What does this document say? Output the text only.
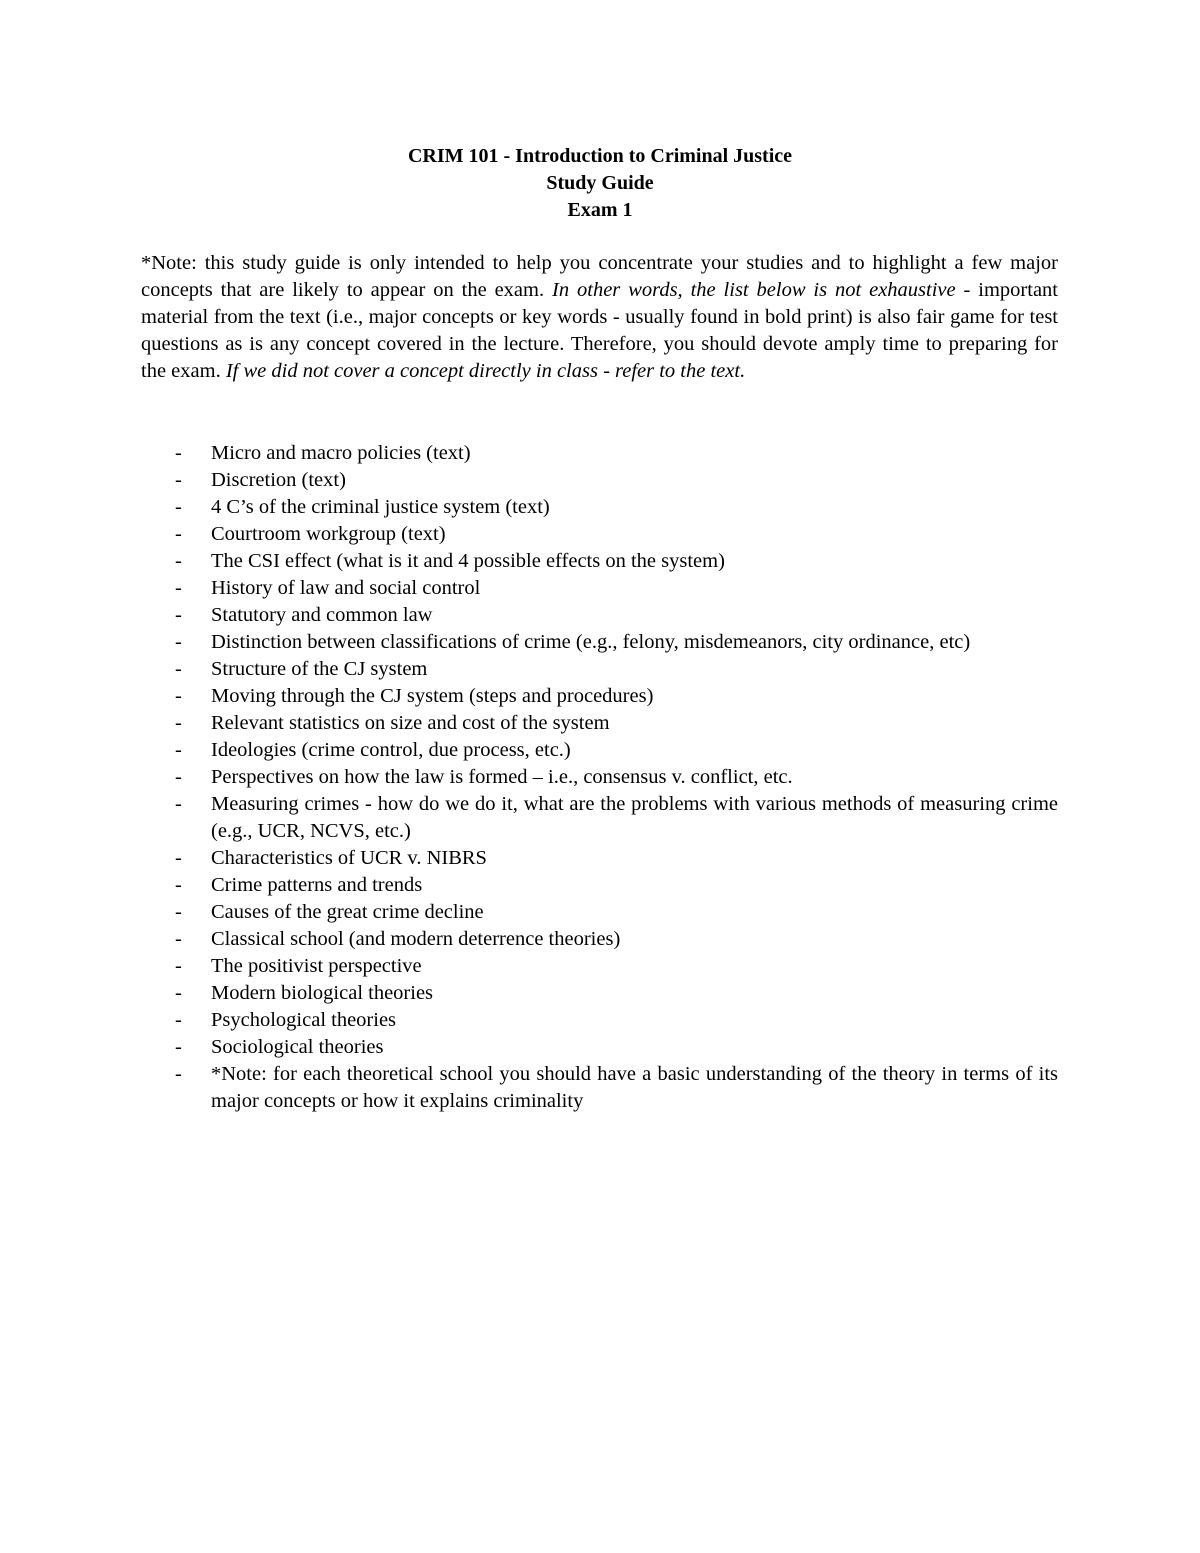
CRIM 101 - Introduction to Criminal Justice
Study Guide
Exam 1

*Note: this study guide is only intended to help you concentrate your studies and to highlight a few major concepts that are likely to appear on the exam. In other words, the list below is not exhaustive - important material from the text (i.e., major concepts or key words - usually found in bold print) is also fair game for test questions as is any concept covered in the lecture. Therefore, you should devote amply time to preparing for the exam. If we did not cover a concept directly in class - refer to the text.

- Micro and macro policies (text)
- Discretion (text)
- 4 C’s of the criminal justice system (text)
- Courtroom workgroup (text)
- The CSI effect (what is it and 4 possible effects on the system)
- History of law and social control
- Statutory and common law
- Distinction between classifications of crime (e.g., felony, misdemeanors, city ordinance, etc)
- Structure of the CJ system
- Moving through the CJ system (steps and procedures)
- Relevant statistics on size and cost of the system
- Ideologies (crime control, due process, etc.)
- Perspectives on how the law is formed – i.e., consensus v. conflict, etc.
- Measuring crimes - how do we do it, what are the problems with various methods of measuring crime (e.g., UCR, NCVS, etc.)
- Characteristics of UCR v. NIBRS
- Crime patterns and trends
- Causes of the great crime decline
- Classical school (and modern deterrence theories)
- The positivist perspective
- Modern biological theories
- Psychological theories
- Sociological theories
- *Note: for each theoretical school you should have a basic understanding of the theory in terms of its major concepts or how it explains criminality
